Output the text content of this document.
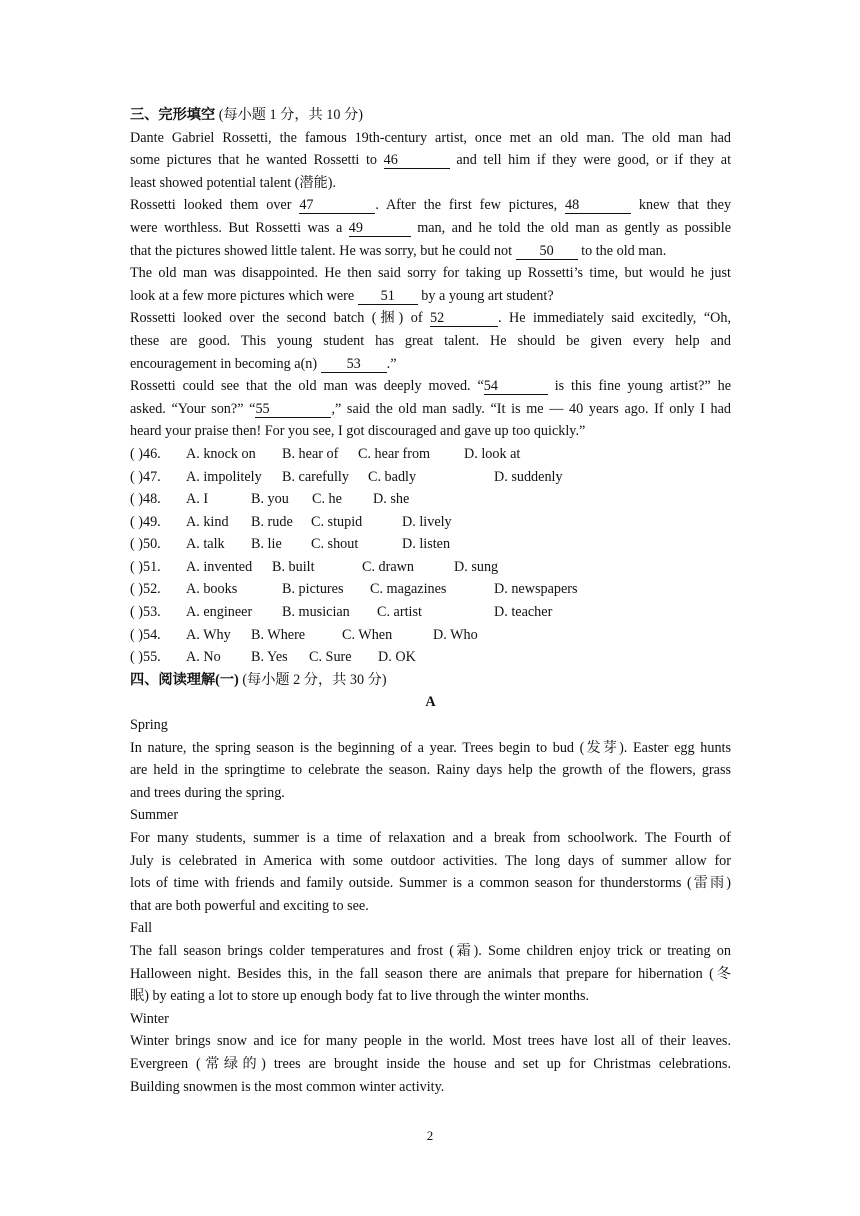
三、完形填空 (每小题 1 分，共 10 分)
Dante Gabriel Rossetti, the famous 19th-century artist, once met an old man. The old man had
some pictures that he wanted Rossetti to 46	and tell him if they were good, or if they at
least showed potential talent (潜能).
Rossetti looked them over 47	. After the first few pictures, 48	knew that they
were worthless. But Rossetti was a 49	man, and he told the old man as gently as possible
that the pictures showed little talent. He was sorry, but he could not 50 to the old man.
The old man was disappointed. He then said sorry for taking up Rossetti’s time, but would he just
look at a few more pictures which were 51 by a young art student?
Rossetti looked over the second batch (捆) of 52	. He immediately said excitedly, “Oh,
these are good. This young student has great talent. He should be given every help and
encouragement in becoming a(n) 53 .”
Rossetti could see that the old man was deeply moved. “54	is this fine young artist?” he
asked. “Your son?” “55	,” said the old man sadly. “It is me — 40 years ago. If only I had
heard your praise then! For you see, I got discouraged and gave up too quickly.”
( )46. A. knock on B. hear of C. hear from D. look at
( )47. A. impolitely B. carefully C. badly	D. suddenly
( )48. A. I	B. you C. he D. she
( )49. A. kind B. rude C. stupid	D. lively
( )50. A. talk B. lie C. shout	D. listen
( )51. A. invented B. built	C. drawn	D. sung
( )52. A. books	B. pictures C. magazines	D. newspapers
( )53. A. engineer B. musician C. artist	D. teacher
( )54. A. Why B. Where	C. When	D. Who
( )55. A. No B. Yes C. Sure D. OK
四、阅读理解(一) (每小题 2 分，共 30 分)
A
Spring
In nature, the spring season is the beginning of a year. Trees begin to bud (发芽). Easter egg hunts
are held in the springtime to celebrate the season. Rainy days help the growth of the flowers, grass
and trees during the spring.
Summer
For many students, summer is a time of relaxation and a break from schoolwork. The Fourth of
July is celebrated in America with some outdoor activities. The long days of summer allow for
lots of time with friends and family outside. Summer is a common season for thunderstorms (雷雨)
that are both powerful and exciting to see.
Fall
The fall season brings colder temperatures and frost (霜). Some children enjoy trick or treating on
Halloween night. Besides this, in the fall season there are animals that prepare for hibernation (冬
眠) by eating a lot to store up enough body fat to live through the winter months.
Winter
Winter brings snow and ice for many people in the world. Most trees have lost all of their leaves.
Evergreen (常绿的) trees are brought inside the house and set up for Christmas celebrations.
Building snowmen is the most common winter activity.
2
